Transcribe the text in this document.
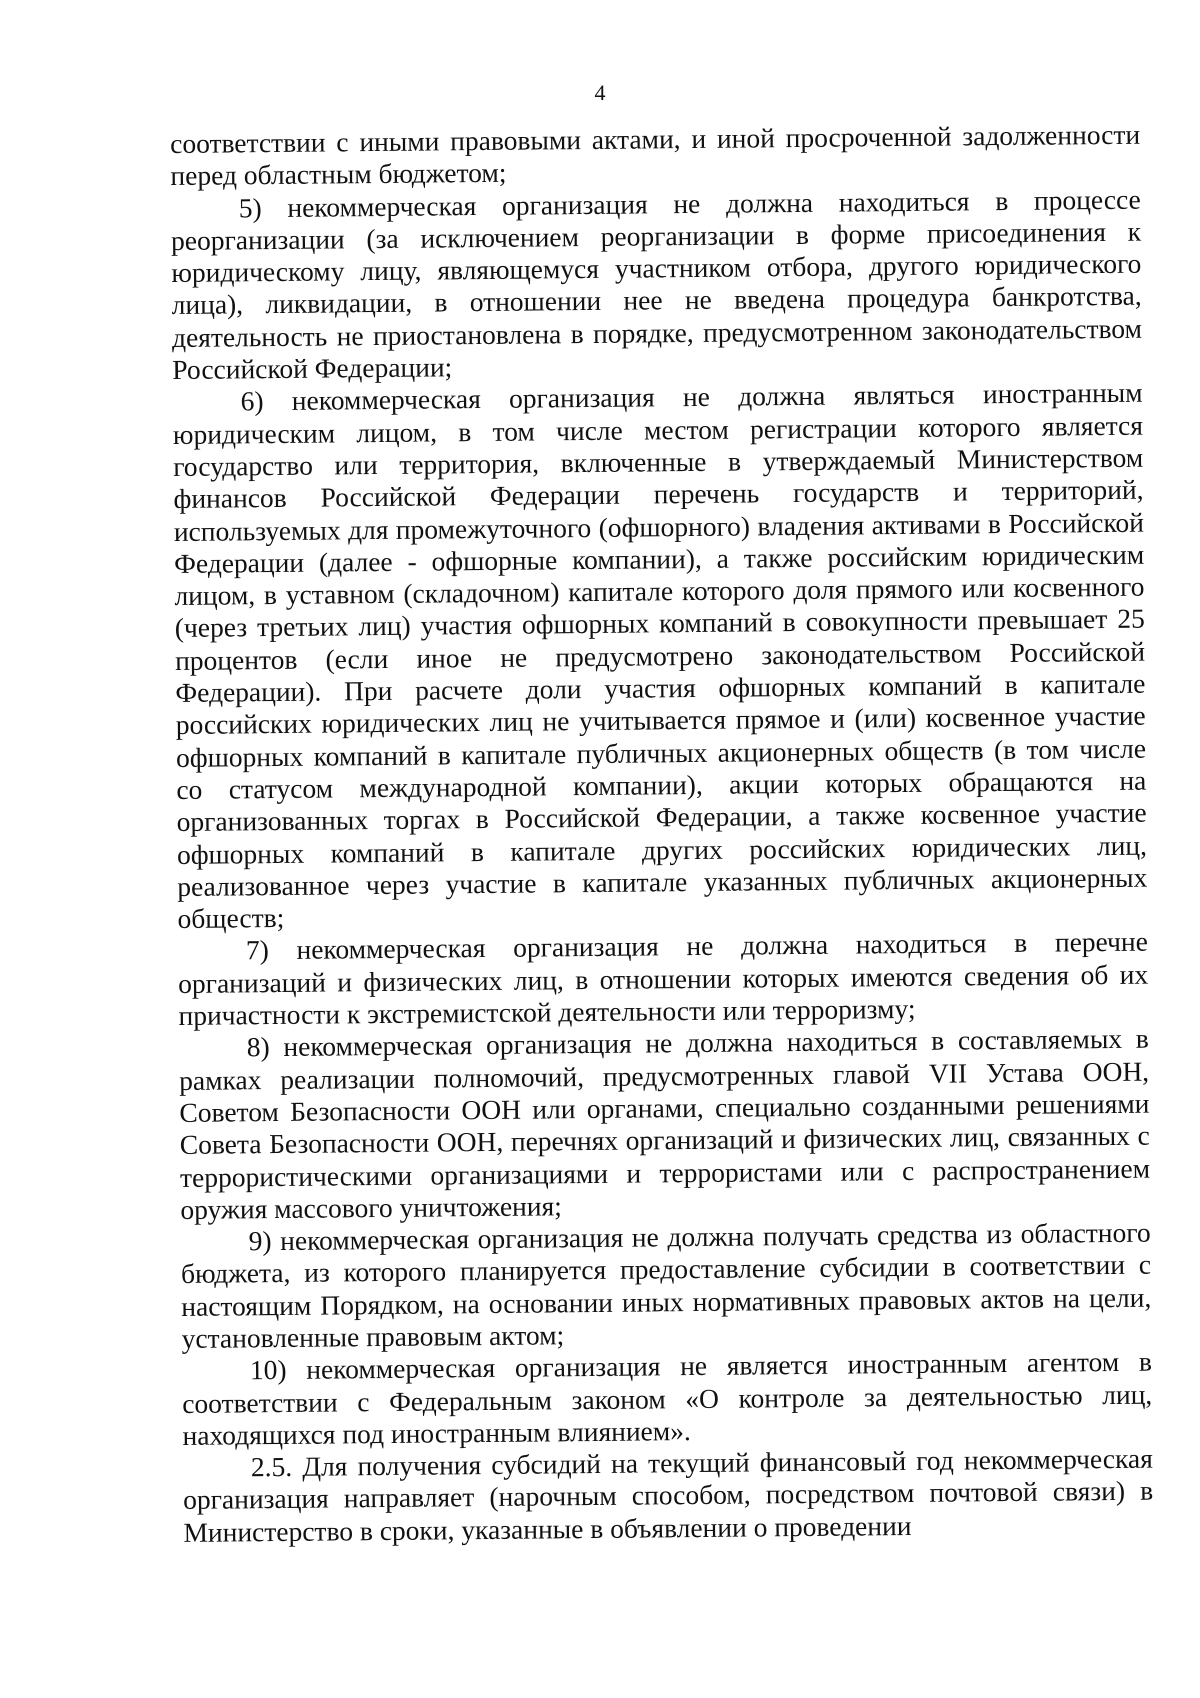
4

соответствии с иными правовыми актами, и иной просроченной задолженности перед областным бюджетом;

5) некоммерческая организация не должна находиться в процессе реорганизации (за исключением реорганизации в форме присоединения к юридическому лицу, являющемуся участником отбора, другого юридического лица), ликвидации, в отношении нее не введена процедура банкротства, деятельность не приостановлена в порядке, предусмотренном законодательством Российской Федерации;

6) некоммерческая организация не должна являться иностранным юридическим лицом, в том числе местом регистрации которого является государство или территория, включенные в утверждаемый Министерством финансов Российской Федерации перечень государств и территорий, используемых для промежуточного (офшорного) владения активами в Российской Федерации (далее - офшорные компании), а также российским юридическим лицом, в уставном (складочном) капитале которого доля прямого или косвенного (через третьих лиц) участия офшорных компаний в совокупности превышает 25 процентов (если иное не предусмотрено законодательством Российской Федерации). При расчете доли участия офшорных компаний в капитале российских юридических лиц не учитывается прямое и (или) косвенное участие офшорных компаний в капитале публичных акционерных обществ (в том числе со статусом международной компании), акции которых обращаются на организованных торгах в Российской Федерации, а также косвенное участие офшорных компаний в капитале других российских юридических лиц, реализованное через участие в капитале указанных публичных акционерных обществ;

7) некоммерческая организация не должна находиться в перечне организаций и физических лиц, в отношении которых имеются сведения об их причастности к экстремистской деятельности или терроризму;

8) некоммерческая организация не должна находиться в составляемых в рамках реализации полномочий, предусмотренных главой VII Устава ООН, Советом Безопасности ООН или органами, специально созданными решениями Совета Безопасности ООН, перечнях организаций и физических лиц, связанных с террористическими организациями и террористами или с распространением оружия массового уничтожения;

9) некоммерческая организация не должна получать средства из областного бюджета, из которого планируется предоставление субсидии в соответствии с настоящим Порядком, на основании иных нормативных правовых актов на цели, установленные правовым актом;

10) некоммерческая организация не является иностранным агентом в соответствии с Федеральным законом «О контроле за деятельностью лиц, находящихся под иностранным влиянием».

2.5. Для получения субсидий на текущий финансовый год некоммерческая организация направляет (нарочным способом, посредством почтовой связи) в Министерство в сроки, указанные в объявлении о проведении
